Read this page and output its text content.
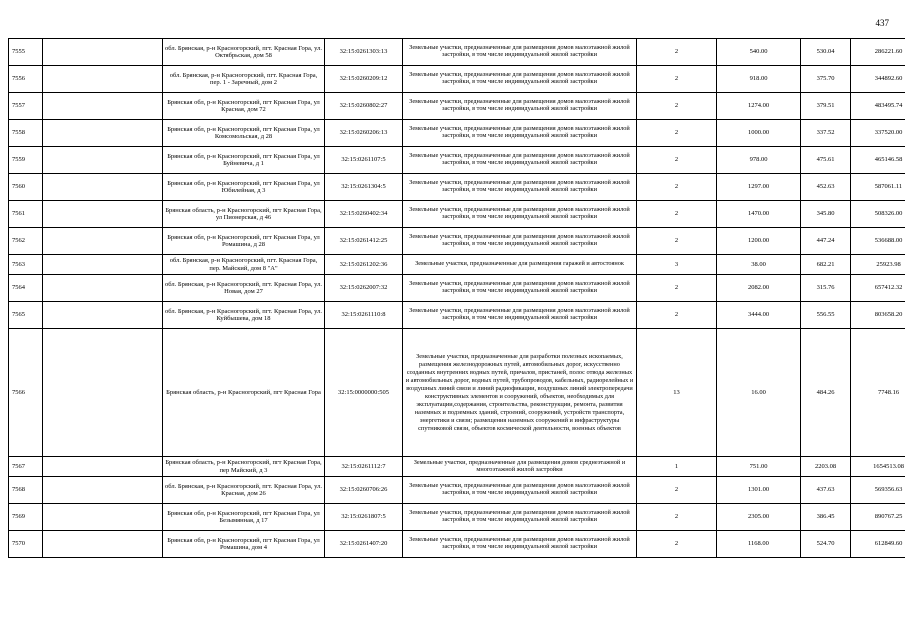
437
7555		обл. Брянская, р-н Красногорский, пгт. Красная Гора, ул. Октябрьская, дом 58	32:15:0261303:13	Земельные участки, предназначенные для размещения домов малоэтажной жилой застройки, в том числе индивидуальной жилой застройки	2	540.00	530.04	286221.60
7556		обл. Брянская, р-н Красногорский, пгт. Красная Гора, пер. 1 - Заречный, дом 2	32:15:0260209:12	Земельные участки, предназначенные для размещения домов малоэтажной жилой застройки, в том числе индивидуальной жилой застройки	2	918.00	375.70	344892.60
7557		Брянская обл, р-н Красногорский, пгт Красная Гора, ул Красная, дом 72	32:15:0260802:27	Земельные участки, предназначенные для размещения домов малоэтажной жилой застройки, в том числе индивидуальной жилой застройки	2	1274.00	379.51	483495.74
7558		Брянская обл, р-н Красногорский, пгт Красная Гора, ул Комсомольская, д 28	32:15:0260206:13	Земельные участки, предназначенные для размещения домов малоэтажной жилой застройки, в том числе индивидуальной жилой застройки	2	1000.00	337.52	337520.00
7559		Брянская обл, р-н Красногорский, пгт Красная Гора, ул Буйневича, д 1	32:15:0261107:5	Земельные участки, предназначенные для размещения домов малоэтажной жилой застройки, в том числе индивидуальной жилой застройки	2	978.00	475.61	465146.58
7560		Брянская обл, р-н Красногорский, пгт Красная Гора, ул Юбилейная, д 3	32:15:0261304:5	Земельные участки, предназначенные для размещения домов малоэтажной жилой застройки, в том числе индивидуальной жилой застройки	2	1297.00	452.63	587061.11
7561		Брянская область, р-н Красногорский, пгт Красная Гора, ул Пионерская, д 46	32:15:0260402:34	Земельные участки, предназначенные для размещения домов малоэтажной жилой застройки, в том числе индивидуальной жилой застройки	2	1470.00	345.80	508326.00
7562		Брянская обл, р-н Красногорский, пгт Красная Гора, ул Ромашина, д 28	32:15:0261412:25	Земельные участки, предназначенные для размещения домов малоэтажной жилой застройки, в том числе индивидуальной жилой застройки	2	1200.00	447.24	536688.00
7563		обл. Брянская, р-н Красногорский, пгт. Красная Гора, пер. Майский, дом 8 "А"	32:15:0261202:36	Земельные участки, предназначенные для размещения гаражей и автостоянок	3	38.00	682.21	25923.98
7564		обл. Брянская, р-н Красногорский, пгт. Красная Гора, ул. Новая, дом 27	32:15:0262007:32	Земельные участки, предназначенные для размещения домов малоэтажной жилой застройки, в том числе индивидуальной жилой застройки	2	2082.00	315.76	657412.32
7565		обл. Брянская, р-н Красногорский, пгт. Красная Гора, ул. Куйбышева, дом 18	32:15:0261110:8	Земельные участки, предназначенные для размещения домов малоэтажной жилой застройки, в том числе индивидуальной жилой застройки	2	3444.00	556.55	803658.20
7566		Брянская область, р-н Красногорский, пгт Красная Гора	32:15:0000000:505	Земельные участки, предназначенные для разработки полезных ископаемых, размещения железнодорожных путей, автомобильных дорог, искусственно созданных внутренних водных путей, причалов, пристаней, полос отвода железных и автомобильных дорог, водных путей, трубопроводов, кабельных, радиорелейных и воздушных линий связи и линий радиофикации, воздушных линий электропередачи конструктивных элементов и сооружений, объектов, необходимых для эксплуатации,содержания, строительства, реконструкции, ремонта, развития наземных и подземных зданий, строений, сооружений, устройств транспорта, энергетики и связи; размещения наземных сооружений и инфраструктуры спутниковой связи, объектов космической деятельности, военных объектов	13	16.00	484.26	7748.16
7567		Брянская область, р-н Красногорский, пгт Красная Гора, пер Майский, д 3	32:15:0261112:7	Земельные участки, предназначенные для размещения домов среднеэтажной и многоэтажной жилой застройки	1	751.00	2203.08	1654513.08
7568		обл. Брянская, р-н Красногорский, пгт. Красная Гора, ул. Красная, дом 26	32:15:0260706:26	Земельные участки, предназначенные для размещения домов малоэтажной жилой застройки, в том числе индивидуальной жилой застройки	2	1301.00	437.63	569356.63
7569		Брянская обл, р-н Красногорский, пгт Красная Гора, ул Безымянная, д 17	32:15:0261807:5	Земельные участки, предназначенные для размещения домов малоэтажной жилой застройки, в том числе индивидуальной жилой застройки	2	2305.00	386.45	890767.25
7570		Брянская обл, р-н Красногорский, пгт Красная Гора, ул Ромашина, дом 4	32:15:0261407:20	Земельные участки, предназначенные для размещения домов малоэтажной жилой застройки, в том числе индивидуальной жилой застройки	2	1168.00	524.70	612849.60
